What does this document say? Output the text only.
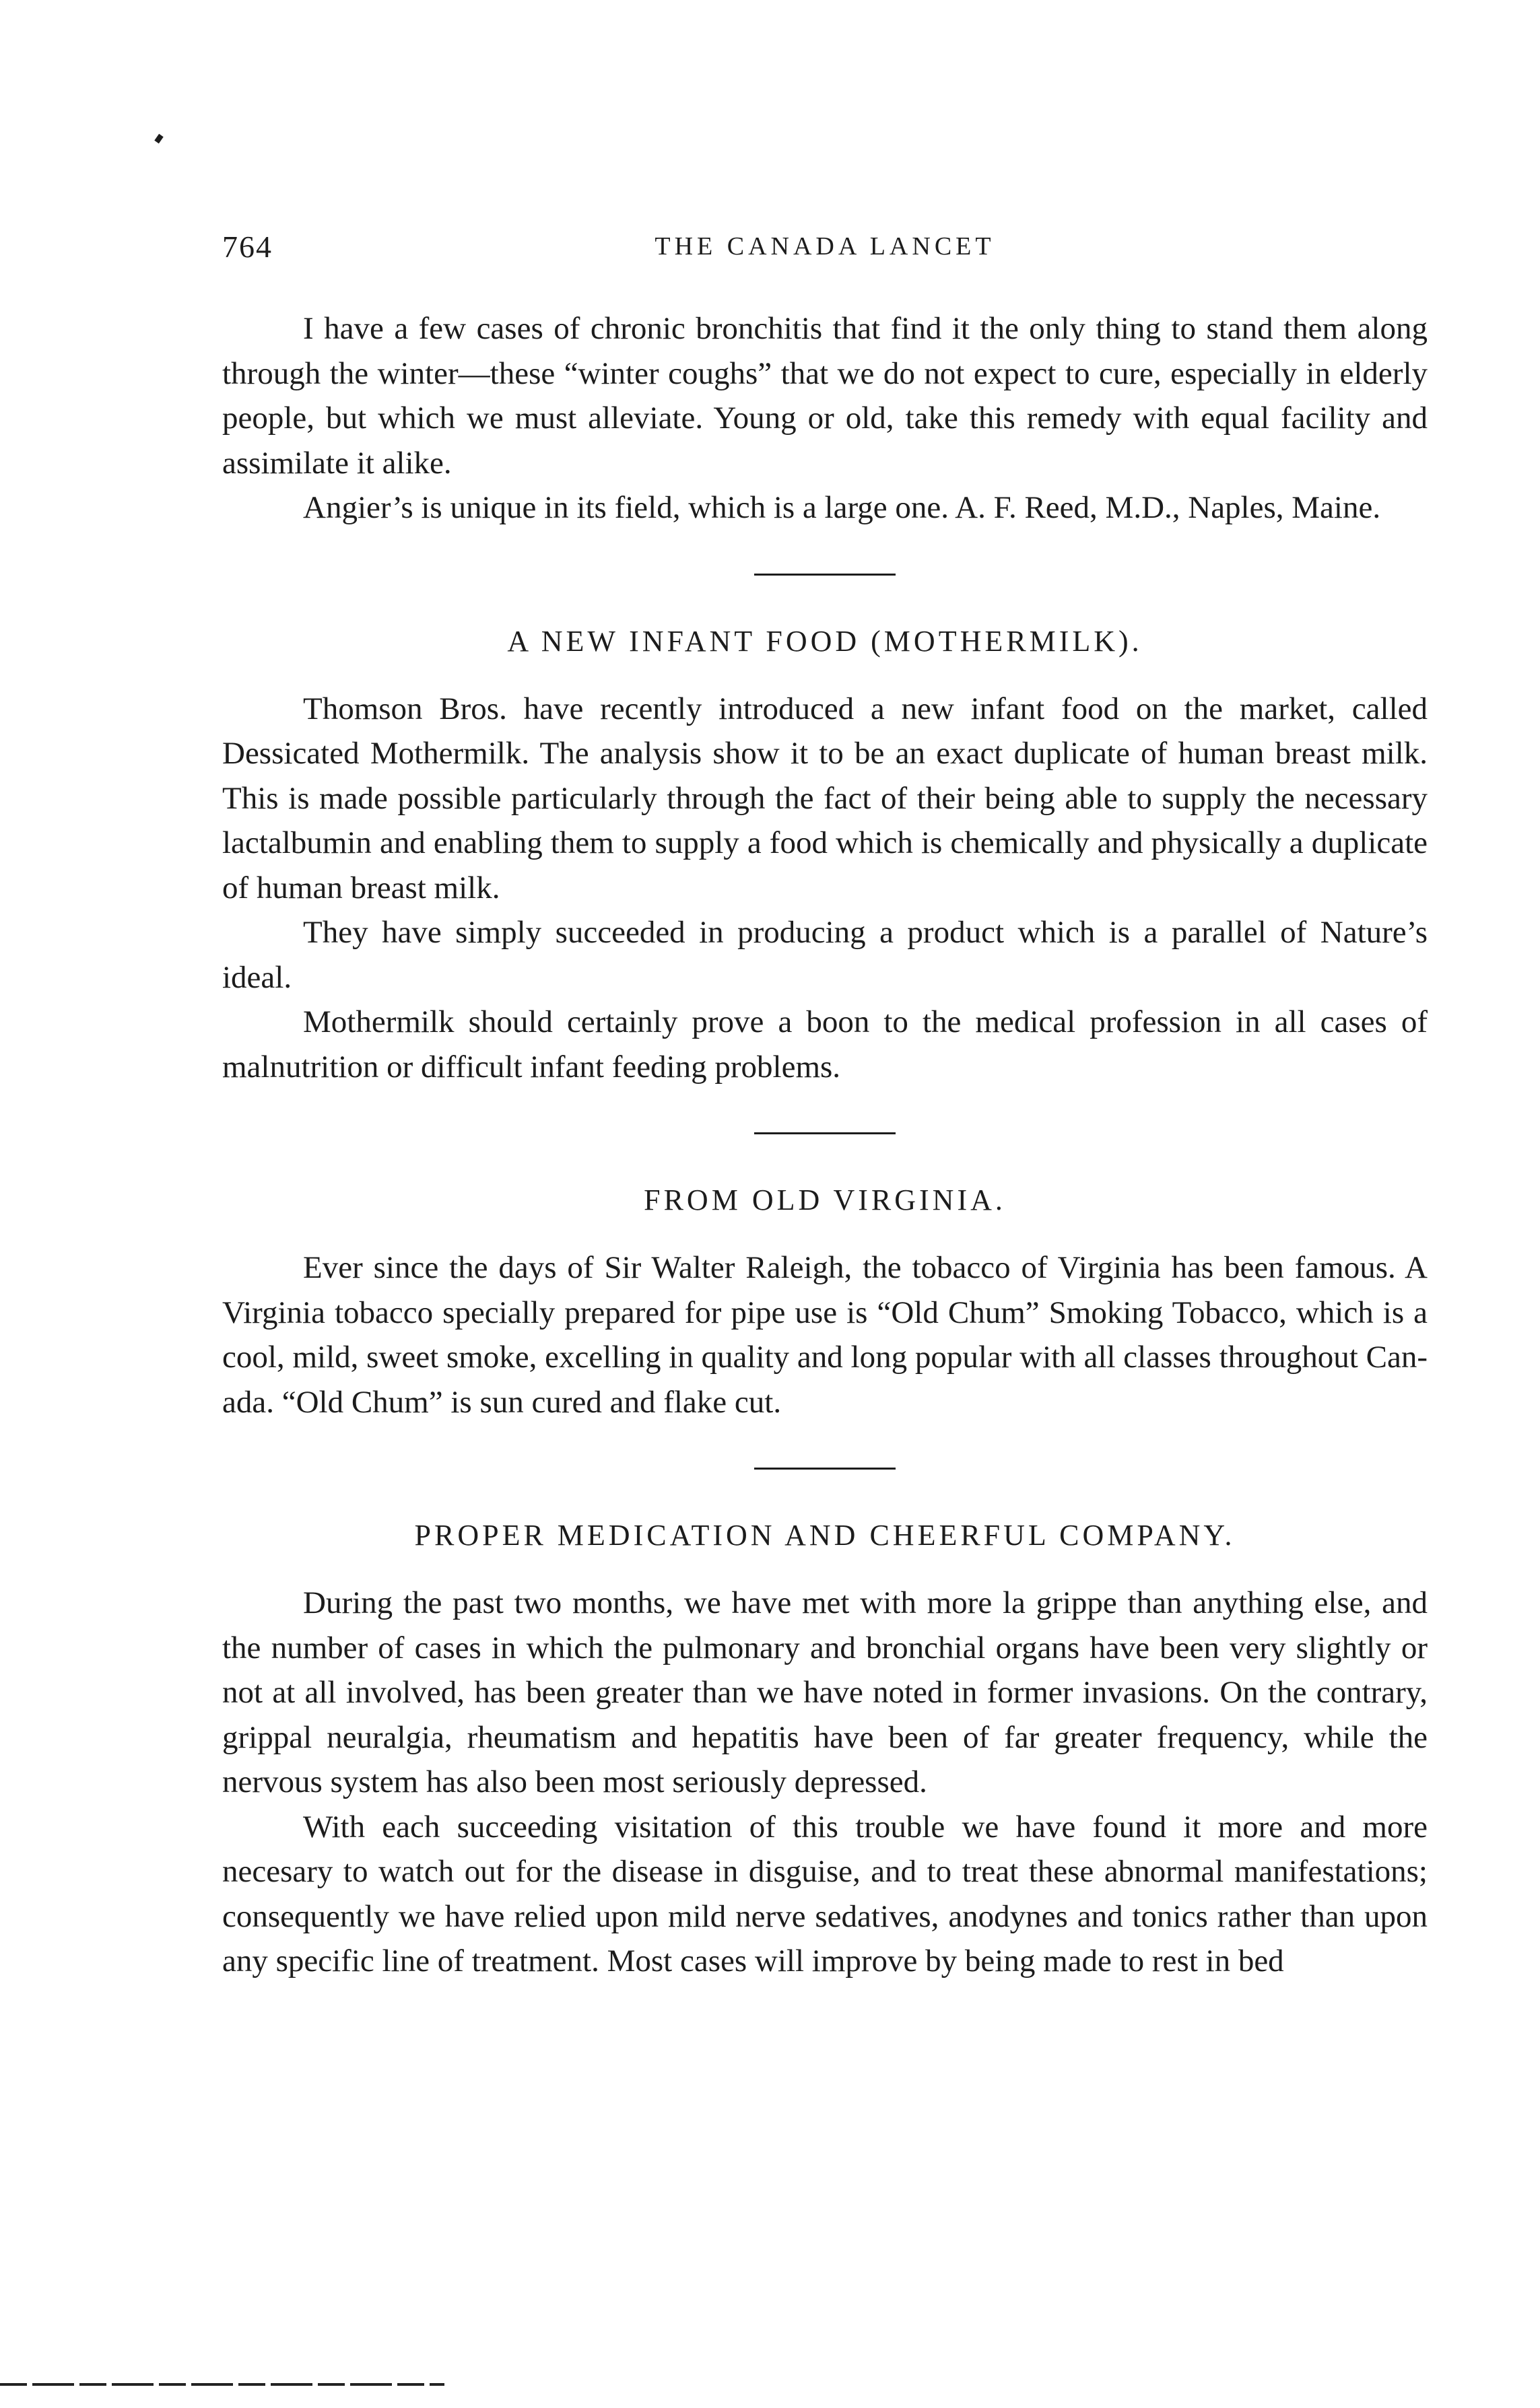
764	THE CANADA LANCET

I have a few cases of chronic bronchitis that find it the only thing to stand them along through the winter—these “winter coughs” that we do not expect to cure, especially in elderly people, but which we must alleviate. Young or old, take this remedy with equal facility and assimilate it alike.

Angier’s is unique in its field, which is a large one. A. F. Reed, M.D., Naples, Maine.

A NEW INFANT FOOD (MOTHERMILK).

Thomson Bros. have recently introduced a new infant food on the market, called Dessicated Mothermilk. The analysis show it to be an exact duplicate of human breast milk. This is made possible particularly through the fact of their being able to supply the necessary lactalbumin and enabling them to supply a food which is chemically and physically a duplicate of human breast milk.

They have simply succeeded in producing a product which is a parallel of Nature’s ideal.

Mothermilk should certainly prove a boon to the medical profession in all cases of malnutrition or difficult infant feeding problems.

FROM OLD VIRGINIA.

Ever since the days of Sir Walter Raleigh, the tobacco of Virginia has been famous. A Virginia tobacco specially prepared for pipe use is “Old Chum” Smoking Tobacco, which is a cool, mild, sweet smoke, excelling in quality and long popular with all classes throughout Canada. “Old Chum” is sun cured and flake cut.

PROPER MEDICATION AND CHEERFUL COMPANY.

During the past two months, we have met with more la grippe than anything else, and the number of cases in which the pulmonary and bronchial organs have been very slightly or not at all involved, has been greater than we have noted in former invasions. On the contrary, grippal neuralgia, rheumatism and hepatitis have been of far greater frequency, while the nervous system has also been most seriously depressed.

With each succeeding visitation of this trouble we have found it more and more necesary to watch out for the disease in disguise, and to treat these abnormal manifestations; consequently we have relied upon mild nerve sedatives, anodynes and tonics rather than upon any specific line of treatment. Most cases will improve by being made to rest in bed
